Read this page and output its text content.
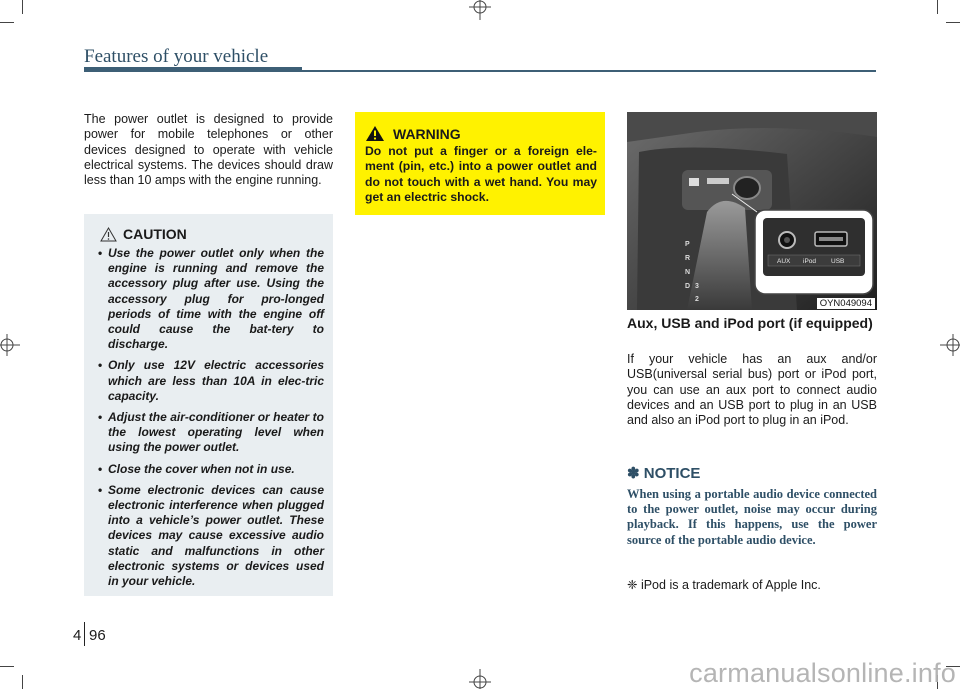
Features of your vehicle
The power outlet is designed to provide power for mobile telephones or other devices designed to operate with vehicle electrical systems. The devices should draw less than 10 amps with the engine running.
CAUTION
• Use the power outlet only when the engine is running and remove the accessory plug after use. Using the accessory plug for pro-longed periods of time with the engine off could cause the bat-tery to discharge.
• Only use 12V electric accessories which are less than 10A in elec-tric capacity.
• Adjust the air-conditioner or heater to the lowest operating level when using the power outlet.
• Close the cover when not in use.
• Some electronic devices can cause electronic interference when plugged into a vehicle’s power outlet. These devices may cause excessive audio static and malfunctions in other electronic systems or devices used in your vehicle.
WARNING
Do not put a finger or a foreign ele-ment (pin, etc.) into a power outlet and do not touch with a wet hand. You may get an electric shock.
P
R
N
D 3
2
AUX iPod USB
OYN049094
Aux, USB and iPod port (if equipped)
If your vehicle has an aux and/or USB(universal serial bus) port or iPod port, you can use an aux port to connect audio devices and an USB port to plug in an USB and also an iPod port to plug in an iPod.
✽ NOTICE
When using a portable audio device connected to the power outlet, noise may occur during playback. If this happens, use the power source of the portable audio device.
❈ iPod is a trademark of Apple Inc.
4 96
carmanualsonline.info
